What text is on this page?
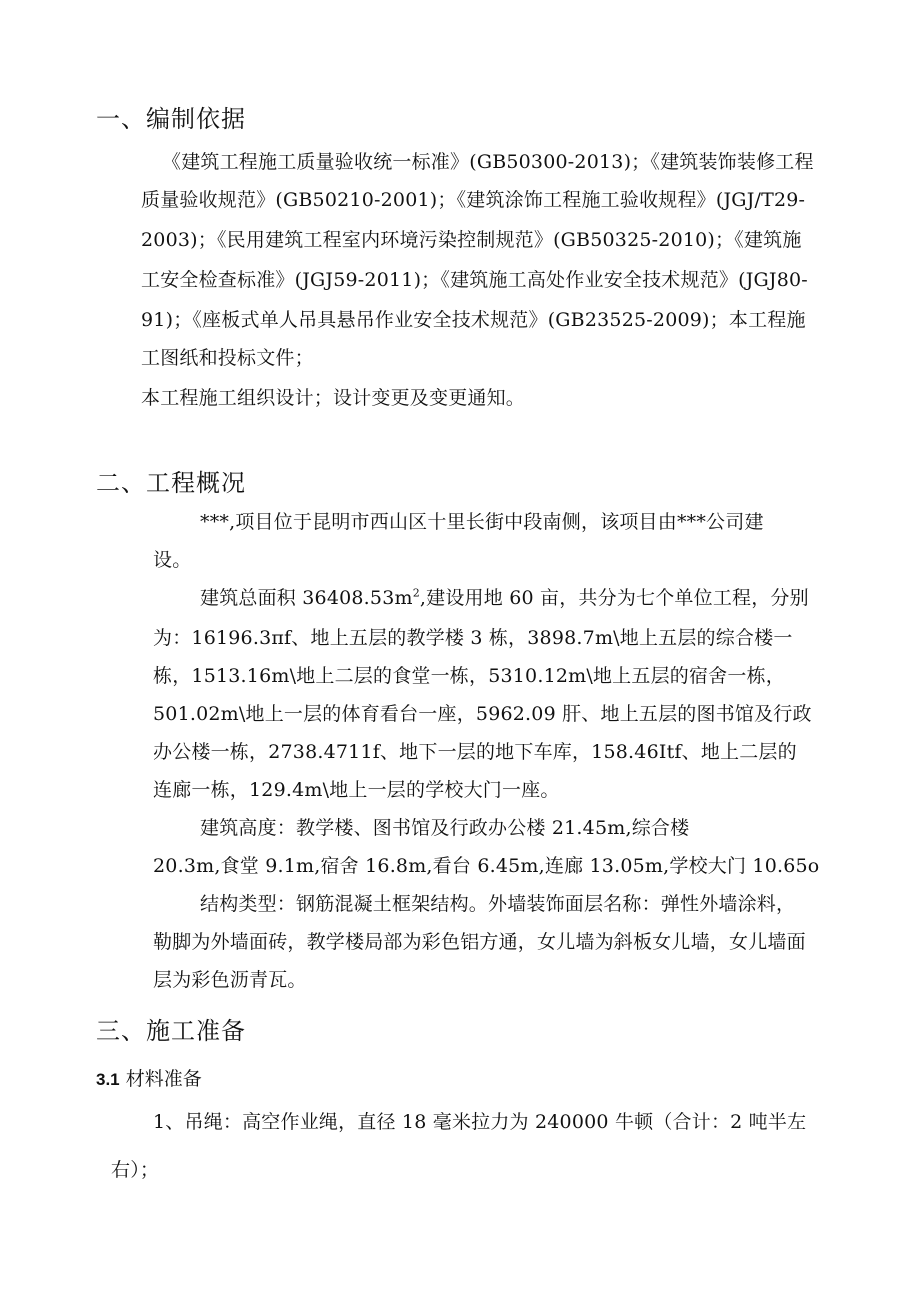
一、编制依据
《建筑工程施工质量验收统一标准》(GB50300-2013)；《建筑装饰装修工程
质量验收规范》(GB50210-2001)；《建筑涂饰工程施工验收规程》(JGJ/T29-
2003)；《民用建筑工程室内环境污染控制规范》(GB50325-2010)；《建筑施
工安全检查标准》(JGJ59-2011)；《建筑施工高处作业安全技术规范》(JGJ80-
91)；《座板式单人吊具悬吊作业安全技术规范》(GB23525-2009)；本工程施
工图纸和投标文件；
本工程施工组织设计；设计变更及变更通知。
二、工程概况
***,项目位于昆明市西山区十里长街中段南侧，该项目由***公司建
设。
建筑总面积 $36408.53m^2$,建设用地 60 亩，共分为七个单位工程，分别
为：16196.3πf、地上五层的教学楼 3 栋，3898.7m\地上五层的综合楼一
栋，1513.16m\地上二层的食堂一栋，5310.12m\地上五层的宿舍一栋，
501.02m\地上一层的体育看台一座，5962.09 肝、地上五层的图书馆及行政
办公楼一栋，2738.4711f、地下一层的地下车库，158.46Itf、地上二层的
连廊一栋，129.4m\地上一层的学校大门一座。
建筑高度：教学楼、图书馆及行政办公楼 21.45m,综合楼
20.3m,食堂 9.1m,宿舍 16.8m,看台 6.45m,连廊 13.05m,学校大门 10.65o
结构类型：钢筋混凝土框架结构。外墙装饰面层名称：弹性外墙涂料，
勒脚为外墙面砖，教学楼局部为彩色铝方通，女儿墙为斜板女儿墙，女儿墙面
层为彩色沥青瓦。
三、施工准备
3.1 材料准备
1、吊绳：高空作业绳，直径 18 毫米拉力为 240000 牛顿（合计：2 吨半左
右）；
